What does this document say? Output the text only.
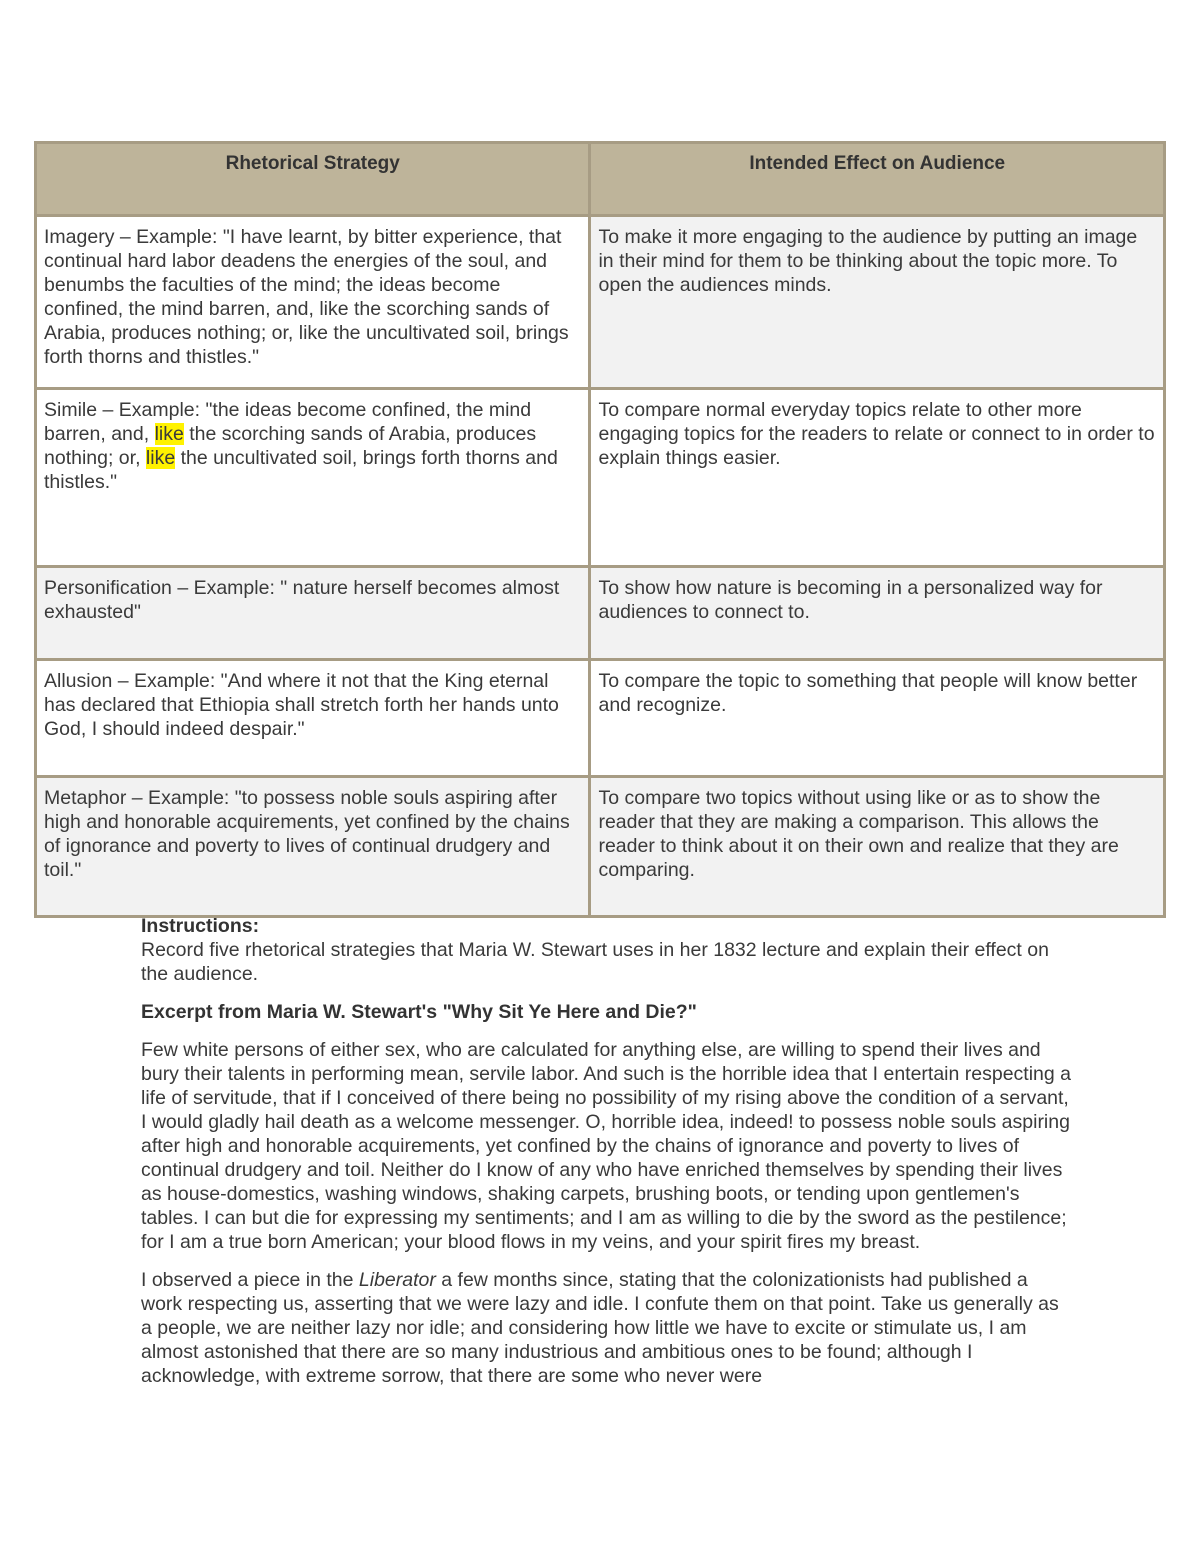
Rhetorical Strategy	Intended Effect on Audience
Imagery – Example: "I have learnt, by bitter experience, that continual hard labor deadens the energies of the soul, and benumbs the faculties of the mind; the ideas become confined, the mind barren, and, like the scorching sands of Arabia, produces nothing; or, like the uncultivated soil, brings forth thorns and thistles."	To make it more engaging to the audience by putting an image in their mind for them to be thinking about the topic more. To open the audiences minds.
Simile – Example: "the ideas become confined, the mind barren, and, like the scorching sands of Arabia, produces nothing; or, like the uncultivated soil, brings forth thorns and thistles."	To compare normal everyday topics relate to other more engaging topics for the readers to relate or connect to in order to explain things easier.
Personification – Example: " nature herself becomes almost exhausted"	To show how nature is becoming in a personalized way for audiences to connect to.
Allusion – Example: "And where it not that the King eternal has declared that Ethiopia shall stretch forth her hands unto God, I should indeed despair."	To compare the topic to something that people will know better and recognize.
Metaphor – Example: "to possess noble souls aspiring after high and honorable acquirements, yet confined by the chains of ignorance and poverty to lives of continual drudgery and toil."	To compare two topics without using like or as to show the reader that they are making a comparison. This allows the reader to think about it on their own and realize that they are comparing.

Instructions:

Record five rhetorical strategies that Maria W. Stewart uses in her 1832 lecture and explain their effect on the audience.

Excerpt from Maria W. Stewart's "Why Sit Ye Here and Die?"

Few white persons of either sex, who are calculated for anything else, are willing to spend their lives and bury their talents in performing mean, servile labor. And such is the horrible idea that I entertain respecting a life of servitude, that if I conceived of there being no possibility of my rising above the condition of a servant, I would gladly hail death as a welcome messenger. O, horrible idea, indeed! to possess noble souls aspiring after high and honorable acquirements, yet confined by the chains of ignorance and poverty to lives of continual drudgery and toil. Neither do I know of any who have enriched themselves by spending their lives as house-domestics, washing windows, shaking carpets, brushing boots, or tending upon gentlemen's tables. I can but die for expressing my sentiments; and I am as willing to die by the sword as the pestilence; for I am a true born American; your blood flows in my veins, and your spirit fires my breast.

I observed a piece in the Liberator a few months since, stating that the colonizationists had published a work respecting us, asserting that we were lazy and idle. I confute them on that point. Take us generally as a people, we are neither lazy nor idle; and considering how little we have to excite or stimulate us, I am almost astonished that there are so many industrious and ambitious ones to be found; although I acknowledge, with extreme sorrow, that there are some who never were
